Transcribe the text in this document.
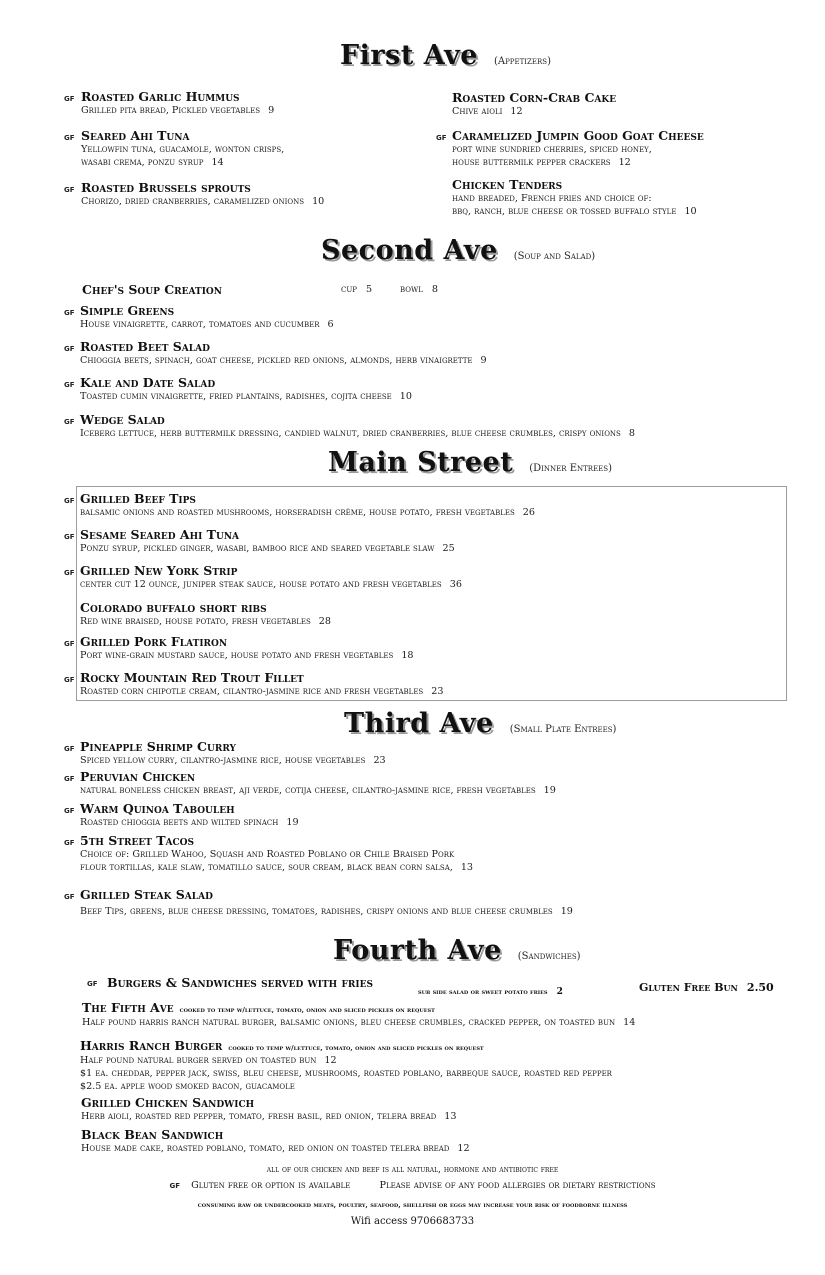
First Ave (Appetizers)
GF Roasted Garlic Hummus
Grilled pita bread, Pickled vegetables 9
GF Seared Ahi Tuna
Yellowfin tuna, guacamole, wonton crisps,
wasabi crema, ponzu syrup 14
GF Roasted Brussels sprouts
Chorizo, dried cranberries, caramelized onions 10
Roasted Corn-Crab Cake
Chive aioli 12
GF Caramelized Jumpin Good Goat Cheese
port wine sundried cherries, spiced honey,
house buttermilk pepper crackers 12
Chicken Tenders
hand breaded, French fries and choice of:
bbq, ranch, blue cheese or tossed buffalo style 10
Second Ave (Soup and Salad)
Chef's Soup Creation	cup 5	bowl 8
GF Simple Greens
House vinaigrette, carrot, tomatoes and cucumber 6
GF Roasted Beet Salad
Chioggia beets, spinach, goat cheese, pickled red onions, almonds, herb vinaigrette 9
GF Kale and Date Salad
Toasted cumin vinaigrette, fried plantains, radishes, cojita cheese 10
GF Wedge Salad
Iceberg lettuce, herb buttermilk dressing, candied walnut, dried cranberries, blue cheese crumbles, crispy onions 8
Main Street (Dinner Entrees)
GF Grilled Beef Tips
balsamic onions and roasted mushrooms, horseradish crème, house potato, fresh vegetables 26
GF Sesame Seared Ahi Tuna
Ponzu syrup, pickled ginger, wasabi, bamboo rice and seared vegetable slaw 25
GF Grilled New York Strip
center cut 12 ounce, juniper steak sauce, house potato and fresh vegetables 36
Colorado buffalo short ribs
Red wine braised, house potato, fresh vegetables 28
GF Grilled Pork Flatiron
Port wine-grain mustard sauce, house potato and fresh vegetables 18
GF Rocky Mountain Red Trout Fillet
Roasted corn chipotle cream, cilantro-jasmine rice and fresh vegetables 23
Third Ave (Small Plate Entrees)
GF Pineapple Shrimp Curry
Spiced yellow curry, cilantro-jasmine rice, house vegetables 23
GF Peruvian Chicken
natural boneless chicken breast, aji verde, cotija cheese, cilantro-jasmine rice, fresh vegetables 19
GF Warm Quinoa Tabouleh
Roasted chioggia beets and wilted spinach 19
GF 5th Street Tacos
Choice of: Grilled Wahoo, Squash and Roasted Poblano or Chile Braised Pork
flour tortillas, kale slaw, tomatillo sauce, sour cream, black bean corn salsa, 13
GF Grilled Steak Salad
Beef Tips, greens, blue cheese dressing, tomatoes, radishes, crispy onions and blue cheese crumbles 19
Fourth Ave (Sandwiches)
GF Burgers & Sandwiches served with fries
sub side salad or sweet potato fries 2	Gluten Free Bun 2.50
The Fifth Ave cooked to temp w/lettuce, tomato, onion and sliced pickles on request
Half pound harris ranch natural burger, balsamic onions, bleu cheese crumbles, cracked pepper, on toasted bun 14
Harris Ranch Burger cooked to temp w/lettuce, tomato, onion and sliced pickles on request
Half pound natural burger served on toasted bun 12
$1 ea. cheddar, pepper jack, swiss, bleu cheese, mushrooms, roasted poblano, barbeque sauce, roasted red pepper
$2.5 ea. apple wood smoked bacon, guacamole
Grilled Chicken Sandwich
Herb aioli, roasted red pepper, tomato, fresh basil, red onion, telera bread 13
Black Bean Sandwich
House made cake, roasted poblano, tomato, red onion on toasted telera bread 12
all of our chicken and beef is all natural, hormone and antibiotic free
GF Gluten free or option is available	Please advise of any food allergies or dietary restrictions
consuming raw or undercooked meats, poultry, seafood, shellfish or eggs may increase your risk of foodborne illness
Wifi access 9706683733
